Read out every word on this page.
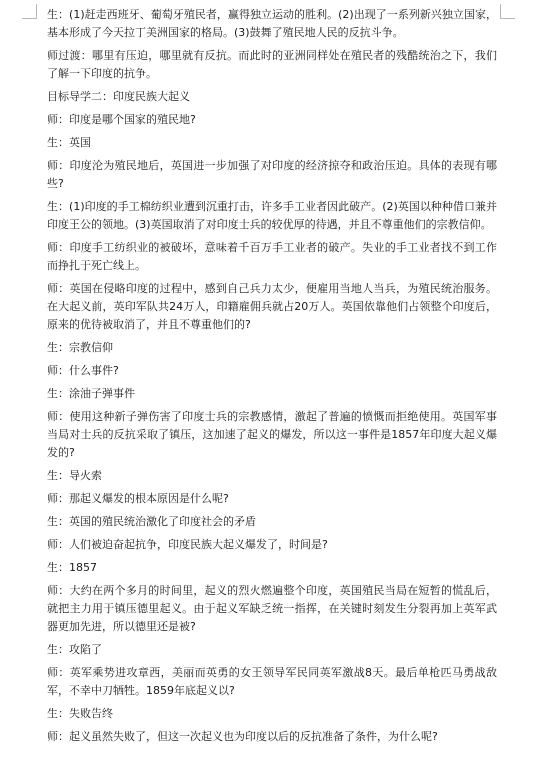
生：(1)赶走西班牙、葡萄牙殖民者，赢得独立运动的胜利。(2)出现了一系列新兴独立国家，基本形成了今天拉丁美洲国家的格局。(3)鼓舞了殖民地人民的反抗斗争。

师过渡：哪里有压迫，哪里就有反抗。而此时的亚洲同样处在殖民者的残酷统治之下，我们了解一下印度的抗争。

目标导学二：印度民族大起义

师：印度是哪个国家的殖民地?

生：英国

师：印度沦为殖民地后，英国进一步加强了对印度的经济掠夺和政治压迫。具体的表现有哪些?

生：(1)印度的手工棉纺织业遭到沉重打击，许多手工业者因此破产。(2)英国以种种借口兼并印度王公的领地。(3)英国取消了对印度士兵的较优厚的待遇，并且不尊重他们的宗教信仰。

师：印度手工纺织业的被破坏，意味着千百万手工业者的破产。失业的手工业者找不到工作而挣扎于死亡线上。

师：英国在侵略印度的过程中，感到自己兵力太少，便雇用当地人当兵，为殖民统治服务。在大起义前，英印军队共24万人，印籍雇佣兵就占20万人。英国依靠他们占领整个印度后，原来的优待被取消了，并且不尊重他们的?

生：宗教信仰

师：什么事件?

生：涂油子弹事件

师：使用这种新子弹伤害了印度士兵的宗教感情，激起了普遍的愤慨而拒绝使用。英国军事当局对士兵的反抗采取了镇压，这加速了起义的爆发，所以这一事件是1857年印度大起义爆发的?

生：导火索

师：那起义爆发的根本原因是什么呢?

生：英国的殖民统治激化了印度社会的矛盾

师：人们被迫奋起抗争，印度民族大起义爆发了，时间是?

生：1857

师：大约在两个多月的时间里，起义的烈火燃遍整个印度，英国殖民当局在短暂的慌乱后，就把主力用于镇压德里起义。由于起义军缺乏统一指挥，在关键时刻发生分裂再加上英军武器更加先进，所以德里还是被?

生：攻陷了

师：英军乘势进攻章西，美丽而英勇的女王领导军民同英军激战8天。最后单枪匹马勇战敌军，不幸中刀牺牲。1859年底起义以?

生：失败告终

师：起义虽然失败了，但这一次起义也为印度以后的反抗准备了条件，为什么呢?
